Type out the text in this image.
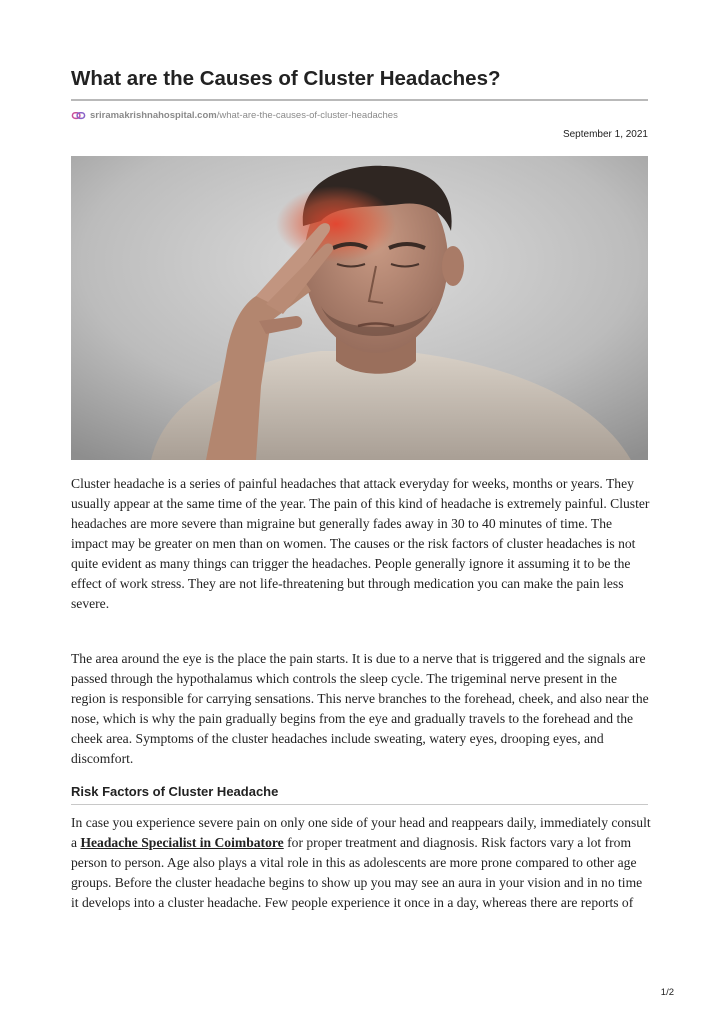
What are the Causes of Cluster Headaches?
sriramakrishnahospital.com /what-are-the-causes-of-cluster-headaches
September 1, 2021

Cluster headache is a series of painful headaches that attack everyday for weeks, months or years. They usually appear at the same time of the year. The pain of this kind of headache is extremely painful. Cluster headaches are more severe than migraine but generally fades away in 30 to 40 minutes of time. The impact may be greater on men than on women. The causes or the risk factors of cluster headaches is not quite evident as many things can trigger the headaches. People generally ignore it assuming it to be the effect of work stress. They are not life-threatening but through medication you can make the pain less severe.

The area around the eye is the place the pain starts. It is due to a nerve that is triggered and the signals are passed through the hypothalamus which controls the sleep cycle. The trigeminal nerve present in the region is responsible for carrying sensations. This nerve branches to the forehead, cheek, and also near the nose, which is why the pain gradually begins from the eye and gradually travels to the forehead and the cheek area. Symptoms of the cluster headaches include sweating, watery eyes, drooping eyes, and discomfort.

Risk Factors of Cluster Headache

In case you experience severe pain on only one side of your head and reappears daily, immediately consult a Headache Specialist in Coimbatore for proper treatment and diagnosis. Risk factors vary a lot from person to person. Age also plays a vital role in this as adolescents are more prone compared to other age groups. Before the cluster headache begins to show up you may see an aura in your vision and in no time it develops into a cluster headache. Few people experience it once in a day, whereas there are reports of

1/2
